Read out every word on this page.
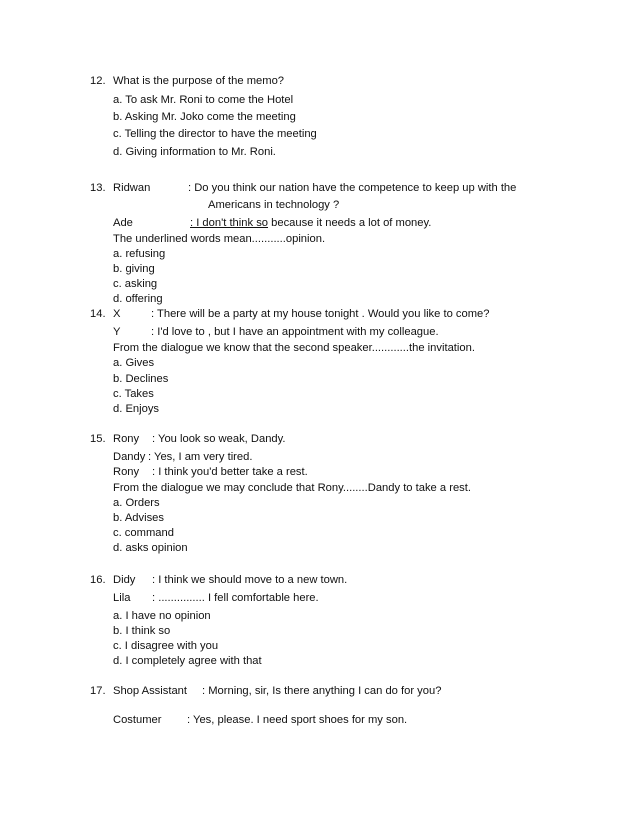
12. What is the purpose of the memo?
a. To ask Mr. Roni to come the Hotel
b. Asking Mr. Joko come the meeting
c. Telling the director to have the meeting
d. Giving information to Mr. Roni.
13. Ridwan	: Do you think our nation have the competence to keep up with the
Americans in technology ?
Ade	: I don't think so because it needs a lot of money.
The underlined words mean...........opinion.
a. refusing
b. giving
c. asking
d. offering
14. X	: There will be a party at my house tonight . Would you like to come?
Y	: I'd love to , but I have an appointment with my colleague.
From the dialogue we know that the second speaker............the invitation.
a. Gives
b. Declines
c. Takes
d. Enjoys
15. Rony : You look so weak, Dandy.
Dandy : Yes, I am very tired.
Rony : I think you'd better take a rest.
From the dialogue we may conclude that Rony........Dandy to take a rest.
a. Orders
b. Advises
c. command
d. asks opinion
16. Didy : I think we should move to a new town.
Lila : ............... I fell comfortable here.
a. I have no opinion
b. I think so
c. I disagree with you
d. I completely agree with that
17. Shop Assistant : Morning, sir, Is there anything I can do for you?
Costumer : Yes, please. I need sport shoes for my son.
